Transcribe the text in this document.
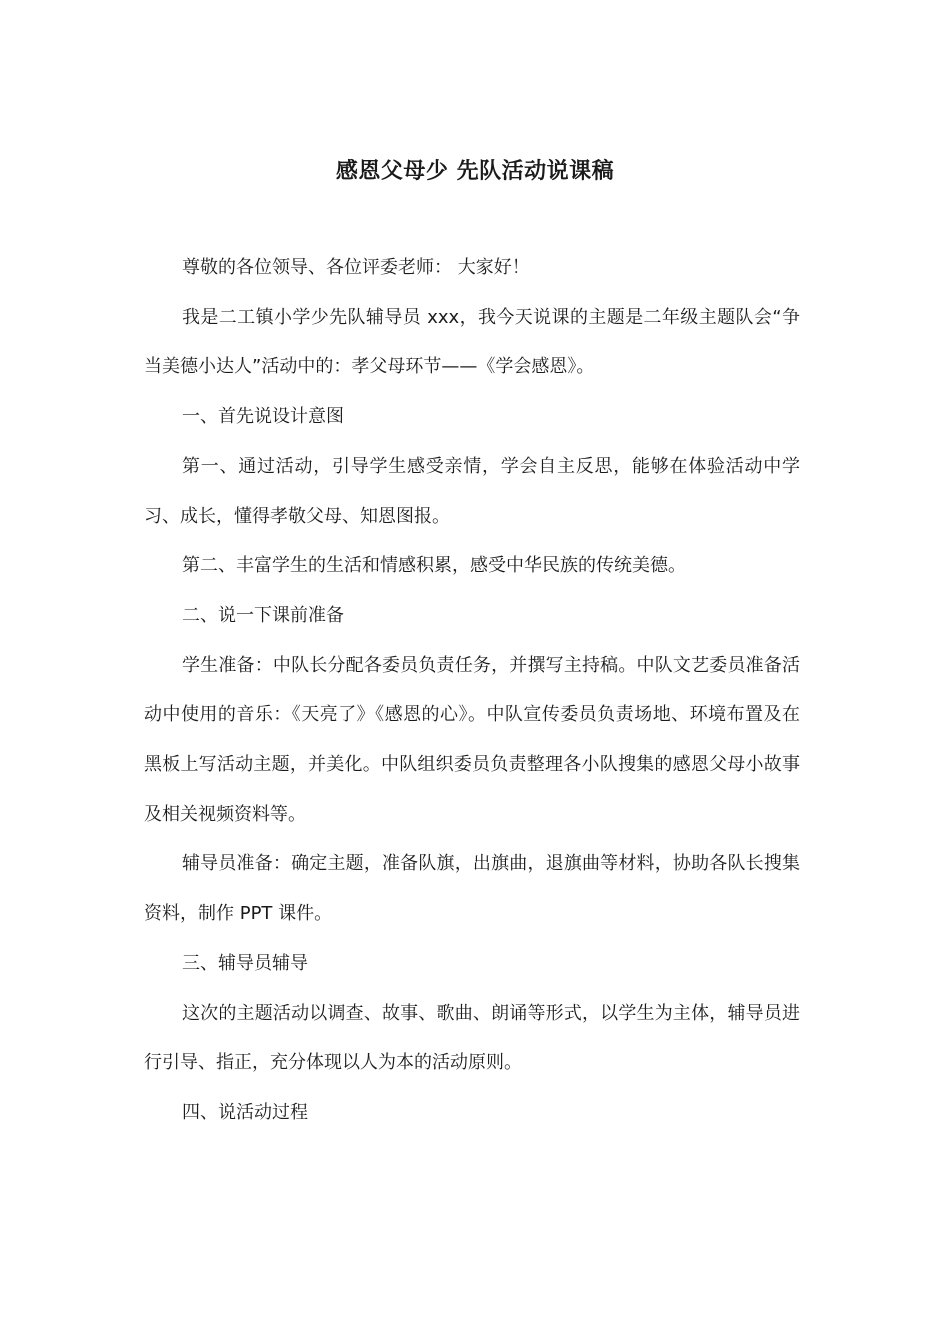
感恩父母少 先队活动说课稿

尊敬的各位领导、各位评委老师： 大家好！

我是二工镇小学少先队辅导员 xxx，我今天说课的主题是二年级主题队会“争当美德小达人”活动中的：孝父母环节——《学会感恩》。

一、首先说设计意图

第一、通过活动，引导学生感受亲情，学会自主反思，能够在体验活动中学习、成长，懂得孝敬父母、知恩图报。

第二、丰富学生的生活和情感积累，感受中华民族的传统美德。

二、说一下课前准备

学生准备：中队长分配各委员负责任务，并撰写主持稿。中队文艺委员准备活动中使用的音乐：《天亮了》《感恩的心》。中队宣传委员负责场地、环境布置及在黑板上写活动主题，并美化。中队组织委员负责整理各小队搜集的感恩父母小故事及相关视频资料等。

辅导员准备：确定主题，准备队旗，出旗曲，退旗曲等材料，协助各队长搜集资料，制作 PPT 课件。

三、辅导员辅导

这次的主题活动以调查、故事、歌曲、朗诵等形式，以学生为主体，辅导员进行引导、指正，充分体现以人为本的活动原则。

四、说活动过程
